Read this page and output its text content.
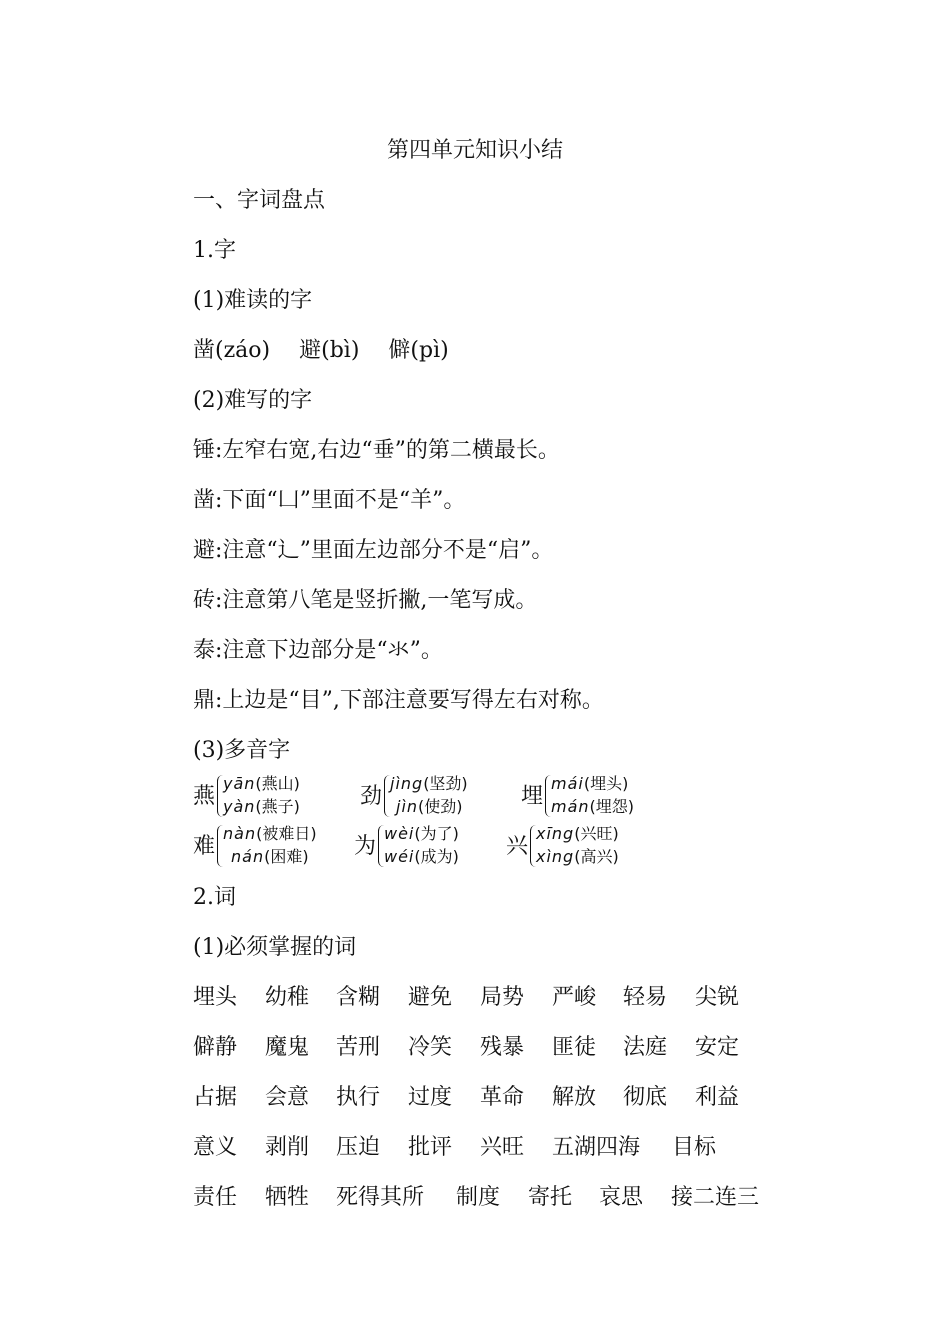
第四单元知识小结
一、字词盘点
1.字
(1)难读的字
凿(záo) 避(bì) 僻(pì)
(2)难写的字
锤:左窄右宽,右边“垂”的第二横最长。
凿:下面“凵”里面不是“羊”。
避:注意“辶”里面左边部分不是“启”。
砖:注意第八笔是竖折撇,一笔写成。
泰:注意下边部分是“氺”。
鼎:上边是“目”,下部注意要写得左右对称。
(3)多音字
燕
yān(燕山)
yàn(燕子)	劲
jìng(坚劲)
jìn(使劲)	埋
mái(埋头)
mán(埋怨)
难
nàn(被难日)
nán(困难) 为
wèi(为了)
wéi(成为) 兴
xīng(兴旺)
xìng(高兴)
2.词
(1)必须掌握的词
埋头 幼稚 含糊 避免 局势 严峻 轻易 尖锐
僻静 魔鬼 苦刑 冷笑 残暴 匪徒 法庭 安定
占据 会意 执行 过度 革命 解放 彻底 利益
意义 剥削 压迫 批评 兴旺 五湖四海 目标
责任 牺牲 死得其所 制度 寄托 哀思 接二连三
